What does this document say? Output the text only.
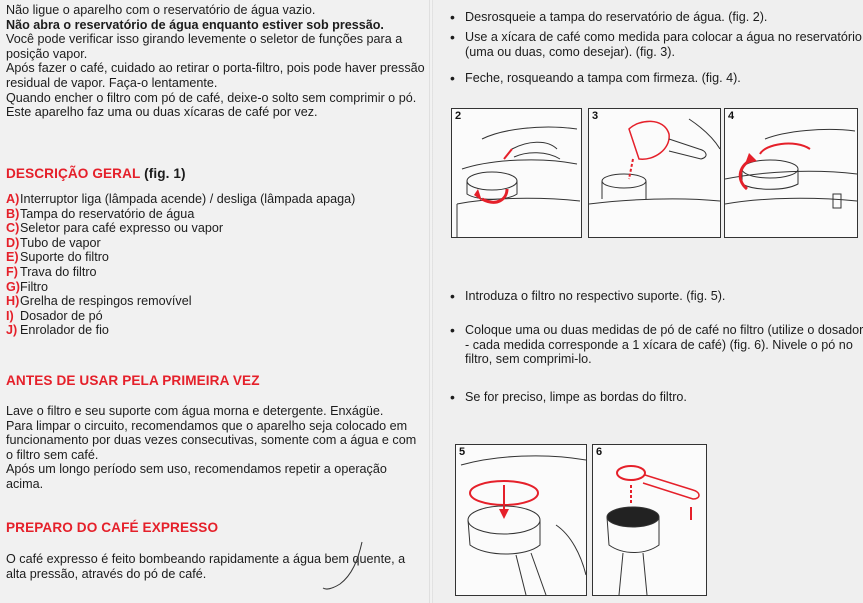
Não ligue o aparelho com o reservatório de água vazio.
Não abra o reservatório de água enquanto estiver sob pressão.
Você pode verificar isso girando levemente o seletor de funções para a posição vapor.
Após fazer o café, cuidado ao retirar o porta-filtro, pois pode haver pressão residual de vapor. Faça-o lentamente.
Quando encher o filtro com pó de café, deixe-o solto sem comprimir o pó.
Este aparelho faz uma ou duas xícaras de café por vez.

DESCRIÇÃO GERAL (fig. 1)
A) Interruptor liga (lâmpada acende) / desliga (lâmpada apaga)
B) Tampa do reservatório de água
C) Seletor para café expresso ou vapor
D) Tubo de vapor
E) Suporte do filtro
F) Trava do filtro
G) Filtro
H) Grelha de respingos removível
I) Dosador de pó
J) Enrolador de fio
ANTES DE USAR PELA PRIMEIRA VEZ

Lave o filtro e seu suporte com água morna e detergente. Enxágüe.
Para limpar o circuito, recomendamos que o aparelho seja colocado em funcionamento por duas vezes consecutivas, somente com a água e com o filtro sem café.
Após um longo período sem uso, recomendamos repetir a operação acima.

PREPARO DO CAFÉ EXPRESSO

O café expresso é feito bombeando rapidamente a água bem quente, a alta pressão, através do pó de café.

• Desrosqueie a tampa do reservatório de água. (fig. 2).

• Use a xícara de café como medida para colocar a água no reservatório (uma ou duas, como desejar). (fig. 3).

• Feche, rosqueando a tampa com firmeza. (fig. 4).

2	3	4

• Introduza o filtro no respectivo suporte. (fig. 5).

• Coloque uma ou duas medidas de pó de café no filtro (utilize o dosador - cada medida corresponde a 1 xícara de café) (fig. 6). Nivele o pó no filtro, sem comprimi-lo.

• Se for preciso, limpe as bordas do filtro.

5	6
